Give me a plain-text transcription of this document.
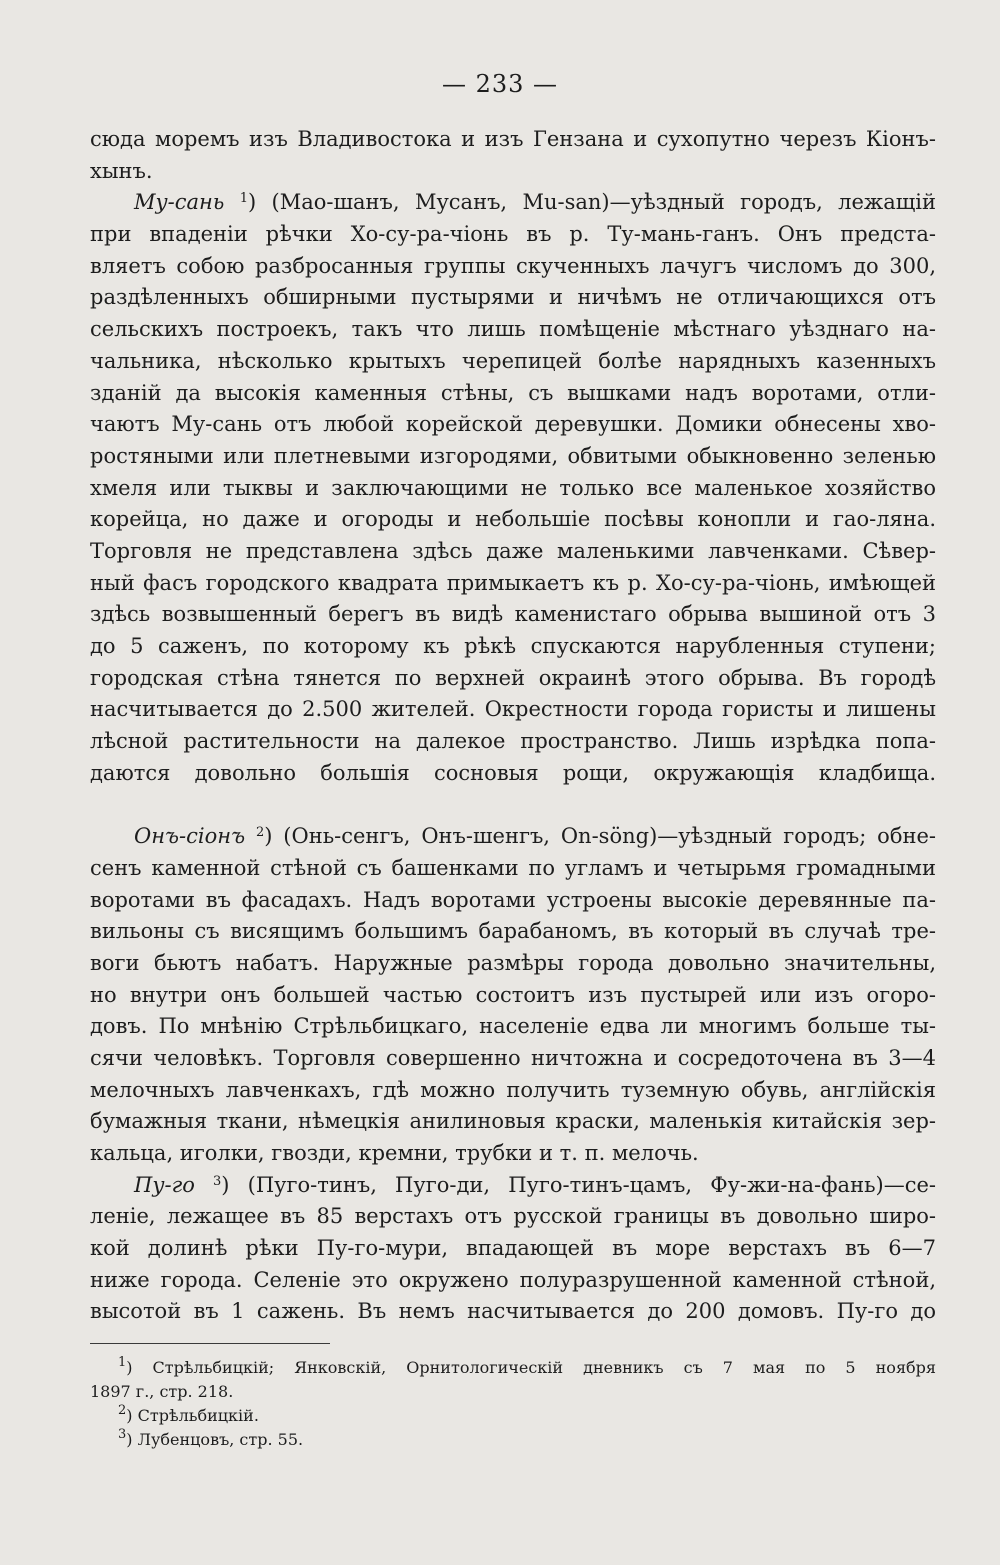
— 233 —
сюда моремъ изъ Владивостока и изъ Гензана и сухопутно черезъ Кіонъ-
хынъ.
Му-сань $^1$) (Мао-шанъ, Мусанъ, Mu-san)—уѣздный городъ, лежащій
при впаденіи рѣчки Хо-су-ра-чіонь въ р. Ту-мань-ганъ. Онъ предста-
вляетъ собою разбросанныя группы скученныхъ лачугъ числомъ до 300,
раздѣленныхъ обширными пустырями и ничѣмъ не отличающихся отъ
сельскихъ построекъ, такъ что лишь помѣщеніе мѣстнаго уѣзднаго на-
чальника, нѣсколько крытыхъ черепицей болѣе нарядныхъ казенныхъ
зданій да высокія каменныя стѣны, съ вышками надъ воротами, отли-
чаютъ Му-сань отъ любой корейской деревушки. Домики обнесены хво-
ростяными или плетневыми изгородями, обвитыми обыкновенно зеленью
хмеля или тыквы и заключающими не только все маленькое хозяйство
корейца, но даже и огороды и небольшіе посѣвы конопли и гао-ляна.
Торговля не представлена здѣсь даже маленькими лавченками. Сѣвер-
ный фасъ городского квадрата примыкаетъ къ р. Хо-су-ра-чіонь, имѣющей
здѣсь возвышенный берегъ въ видѣ каменистаго обрыва вышиной отъ 3
до 5 саженъ, по которому къ рѣкѣ спускаются нарубленныя ступени;
городская стѣна тянется по верхней окраинѣ этого обрыва. Въ городѣ
насчитывается до 2.500 жителей. Окрестности города гористы и лишены
лѣсной растительности на далекое пространство. Лишь изрѣдка попа-
даются довольно большія сосновыя рощи, окружающія кладбища.
Онъ-сіонъ $^2$) (Онь-сенгъ, Онъ-шенгъ, On-söng)—уѣздный городъ; обне-
сенъ каменной стѣной съ башенками по угламъ и четырьмя громадными
воротами въ фасадахъ. Надъ воротами устроены высокіе деревянные па-
вильоны съ висящимъ большимъ барабаномъ, въ который въ случаѣ тре-
воги бьютъ набатъ. Наружные размѣры города довольно значительны,
но внутри онъ большей частью состоитъ изъ пустырей или изъ огоро-
довъ. По мнѣнію Стрѣльбицкаго, населеніе едва ли многимъ больше ты-
сячи человѣкъ. Торговля совершенно ничтожна и сосредоточена въ 3—4
мелочныхъ лавченкахъ, гдѣ можно получить туземную обувь, англійскія
бумажныя ткани, нѣмецкія анилиновыя краски, маленькія китайскія зер-
кальца, иголки, гвозди, кремни, трубки и т. п. мелочь.
Пу-го $^3$) (Пуго-тинъ, Пуго-ди, Пуго-тинъ-цамъ, Фу-жи-на-фань)—се-
леніе, лежащее въ 85 верстахъ отъ русской границы въ довольно широ-
кой долинѣ рѣки Пу-го-мури, впадающей въ море верстахъ въ 6—7
ниже города. Селеніе это окружено полуразрушенной каменной стѣной,
высотой въ 1 сажень. Въ немъ насчитывается до 200 домовъ. Пу-го до
$^1$) Стрѣльбицкій; Янковскій, Орнитологическій дневникъ съ 7 мая по 5 ноября
1897 г., стр. 218.
$^2$) Стрѣльбицкій.
$^3$) Лубенцовъ, стр. 55.
